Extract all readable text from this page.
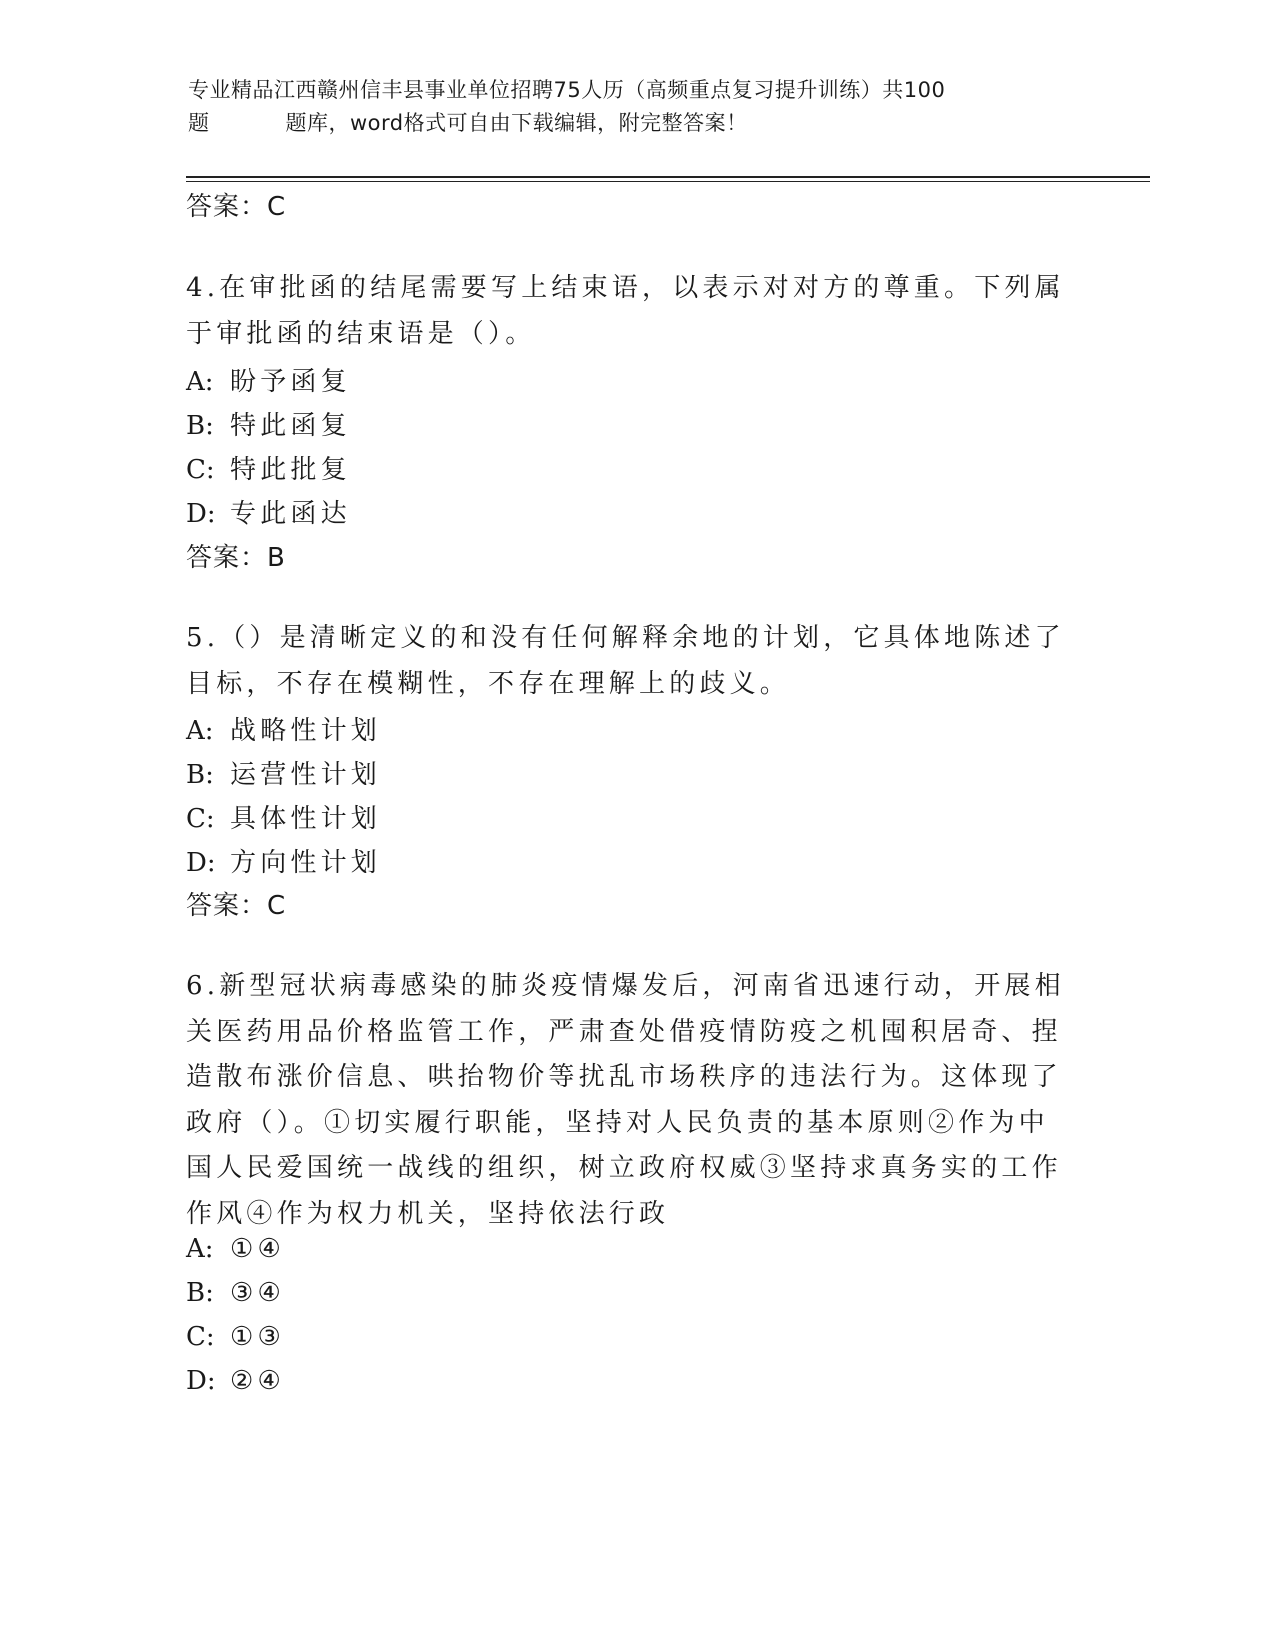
专业精品江西赣州信丰县事业单位招聘75人历（高频重点复习提升训练）共100
题	题库，word格式可自由下载编辑，附完整答案！
答案：C
4.在审批函的结尾需要写上结束语，以表示对对方的尊重。下列属于审批函的结束语是（）。
A: 盼予函复
B: 特此函复
C: 特此批复
D: 专此函达
答案：B
5.（）是清晰定义的和没有任何解释余地的计划，它具体地陈述了目标，不存在模糊性，不存在理解上的歧义。
A: 战略性计划
B: 运营性计划
C: 具体性计划
D: 方向性计划
答案：C
6.新型冠状病毒感染的肺炎疫情爆发后，河南省迅速行动，开展相关医药用品价格监管工作，严肃查处借疫情防疫之机囤积居奇、捏造散布涨价信息、哄抬物价等扰乱市场秩序的违法行为。这体现了政府（）。①切实履行职能，坚持对人民负责的基本原则②作为中国人民爱国统一战线的组织，树立政府权威③坚持求真务实的工作作风④作为权力机关，坚持依法行政
A: ①④
B: ③④
C: ①③
D: ②④
